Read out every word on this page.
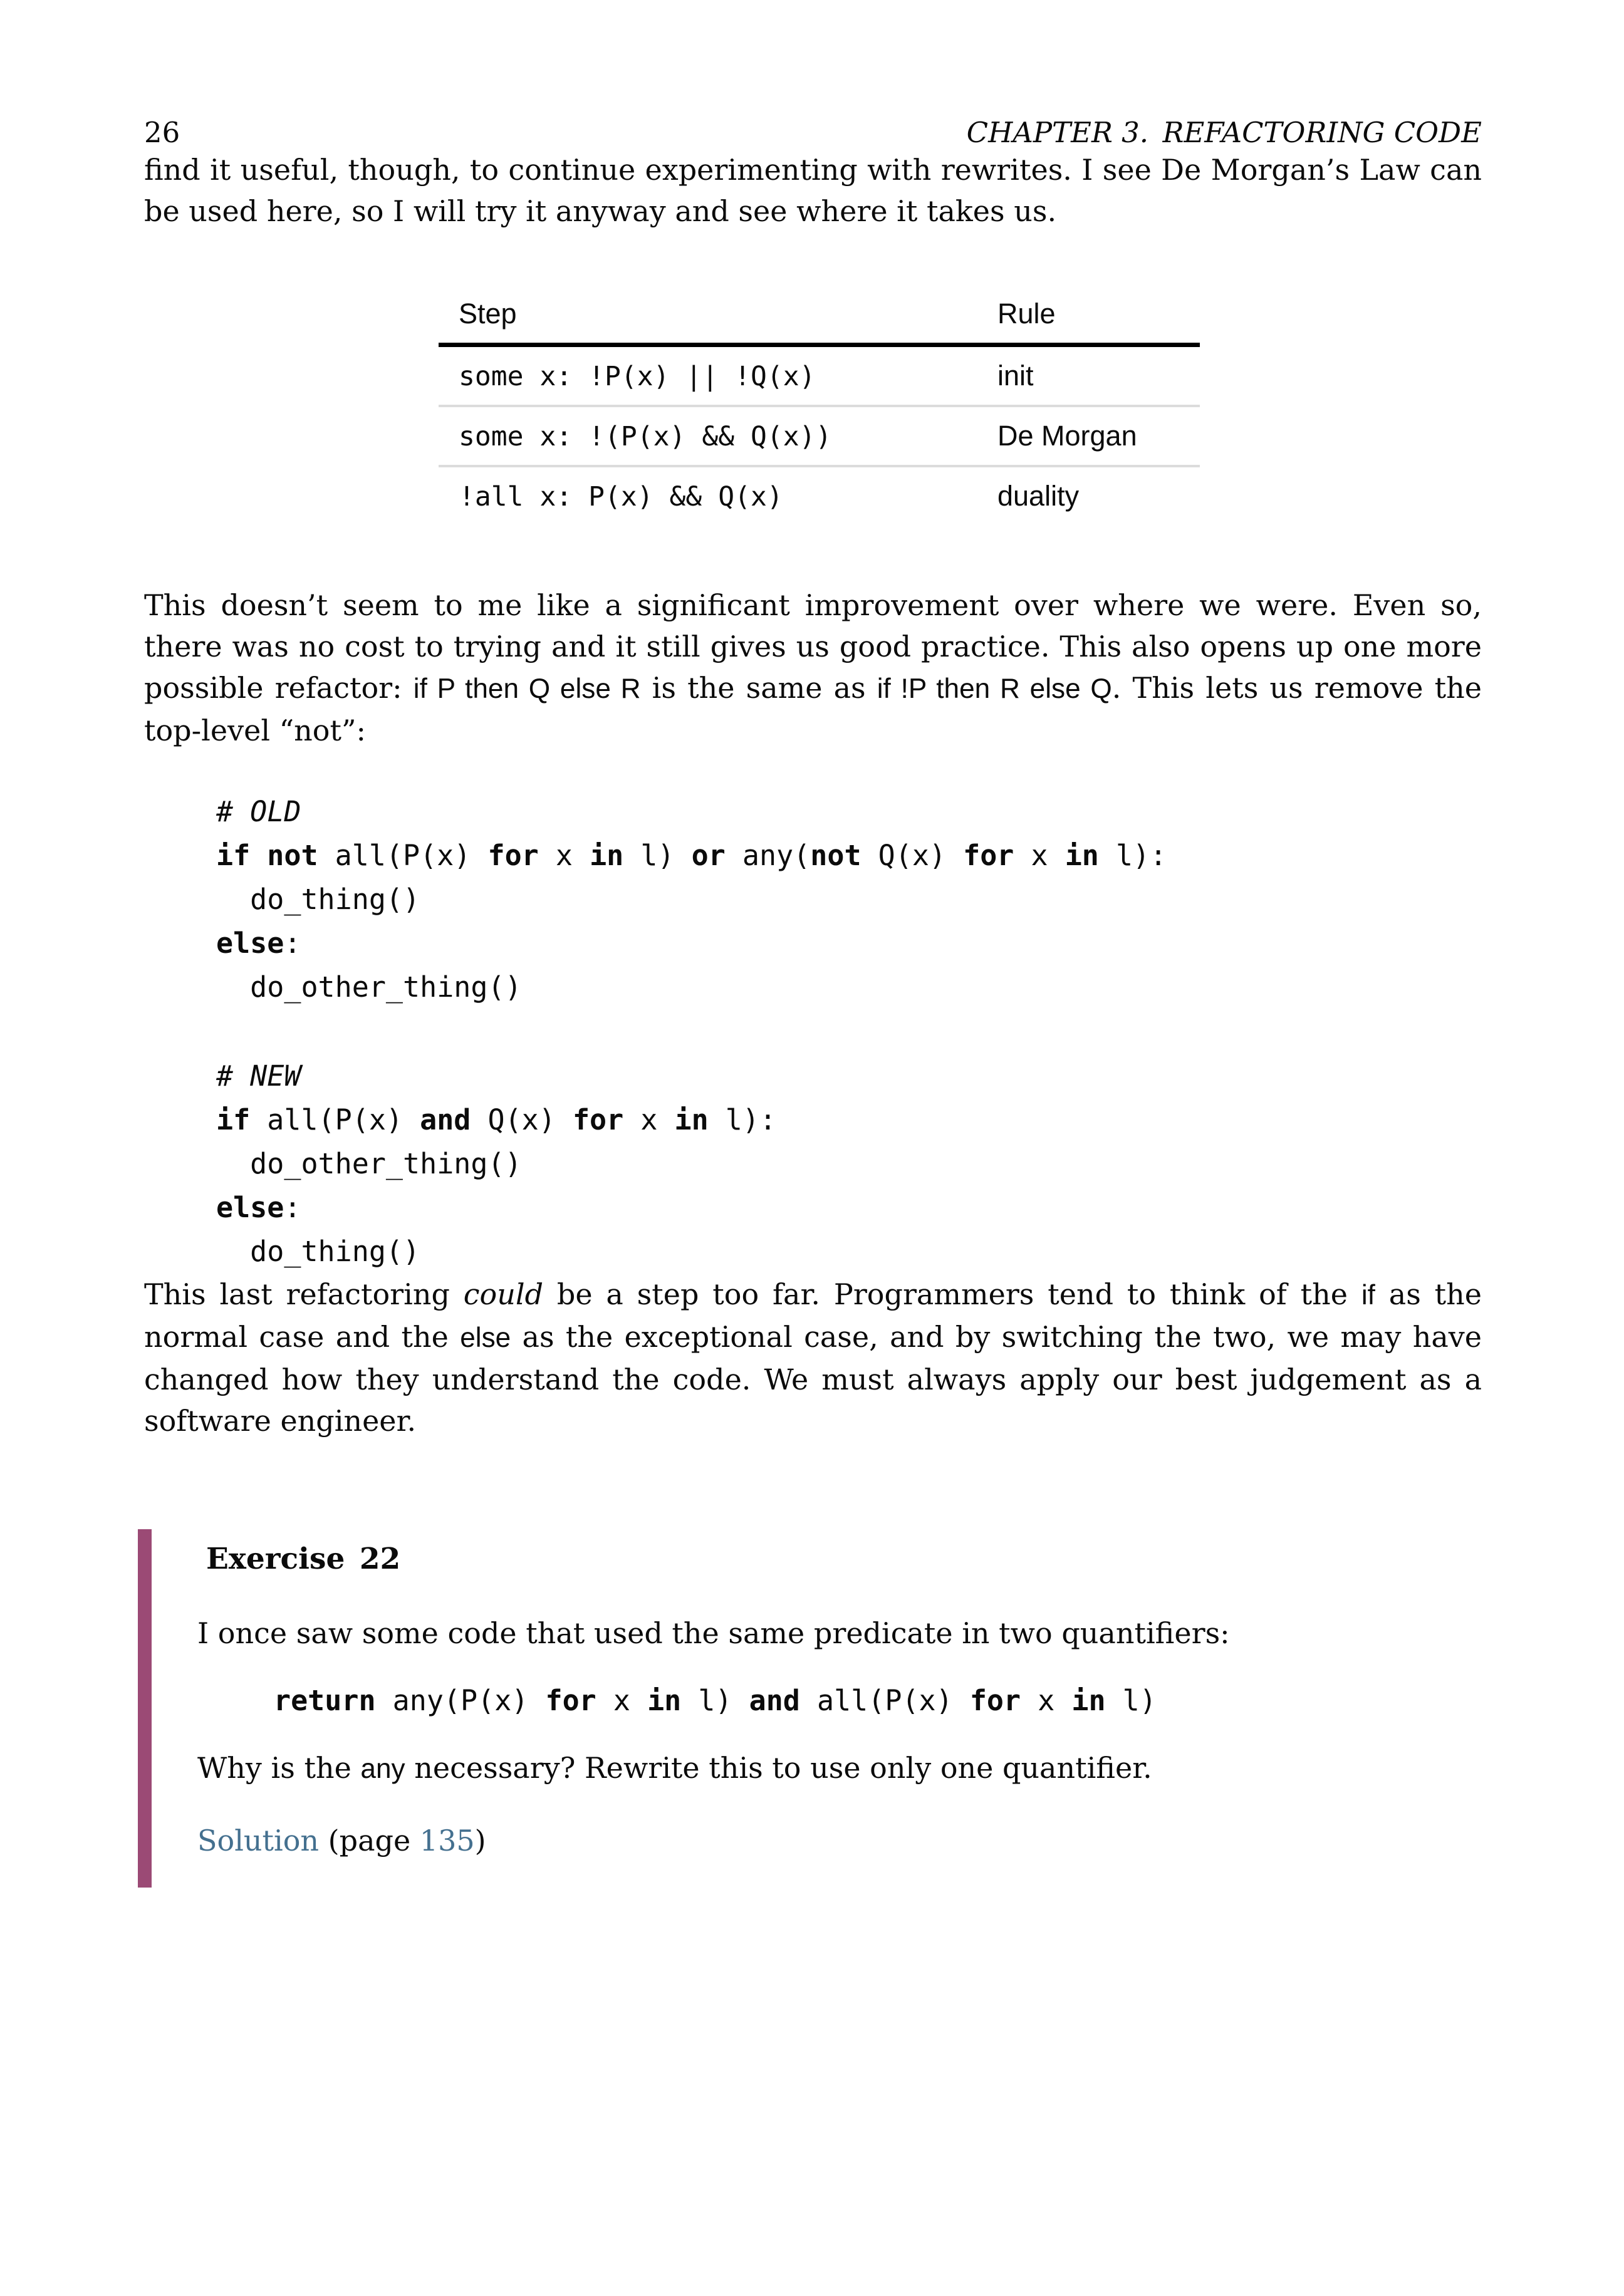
26	CHAPTER 3. REFACTORING CODE

find it useful, though, to continue experimenting with rewrites. I see De Morgan’s Law can be used here, so I will try it anyway and see where it takes us.

Step	Rule
some x: !P(x) || !Q(x)	init
some x: !(P(x) && Q(x))	De Morgan
!all x: P(x) && Q(x)	duality

This doesn’t seem to me like a significant improvement over where we were. Even so, there was no cost to trying and it still gives us good practice. This also opens up one more possible refactor: if P then Q else R is the same as if !P then R else Q. This lets us remove the top-level “not”:

# OLD
if not all(P(x) for x in l) or any(not Q(x) for x in l):
do_thing()
else:
do_other_thing()
# NEW
if all(P(x) and Q(x) for x in l):
do_other_thing()
else:
do_thing()

This last refactoring could be a step too far. Programmers tend to think of the if as the normal case and the else as the exceptional case, and by switching the two, we may have changed how they understand the code. We must always apply our best judgement as a software engineer.

Exercise 22

I once saw some code that used the same predicate in two quantifiers:

return any(P(x) for x in l) and all(P(x) for x in l)

Why is the any necessary? Rewrite this to use only one quantifier.

Solution (page 135)
